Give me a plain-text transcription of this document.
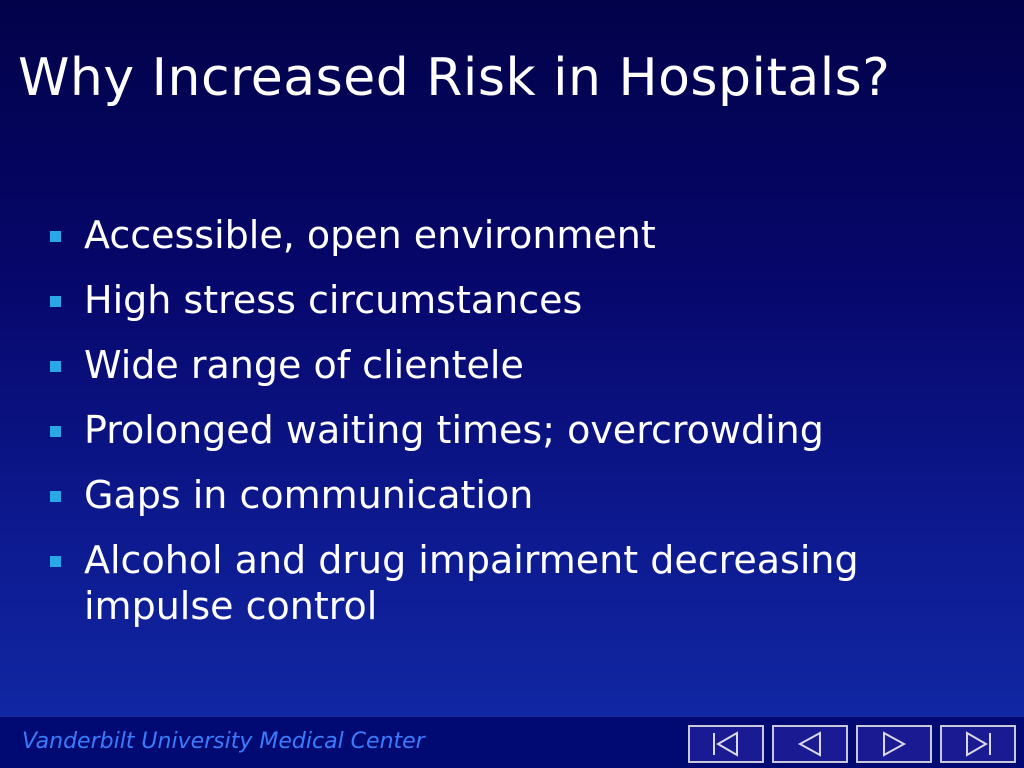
Why Increased Risk in Hospitals?
Accessible, open environment
High stress circumstances
Wide range of clientele
Prolonged waiting times; overcrowding
Gaps in communication
Alcohol and drug impairment decreasing impulse control
Vanderbilt University Medical Center
